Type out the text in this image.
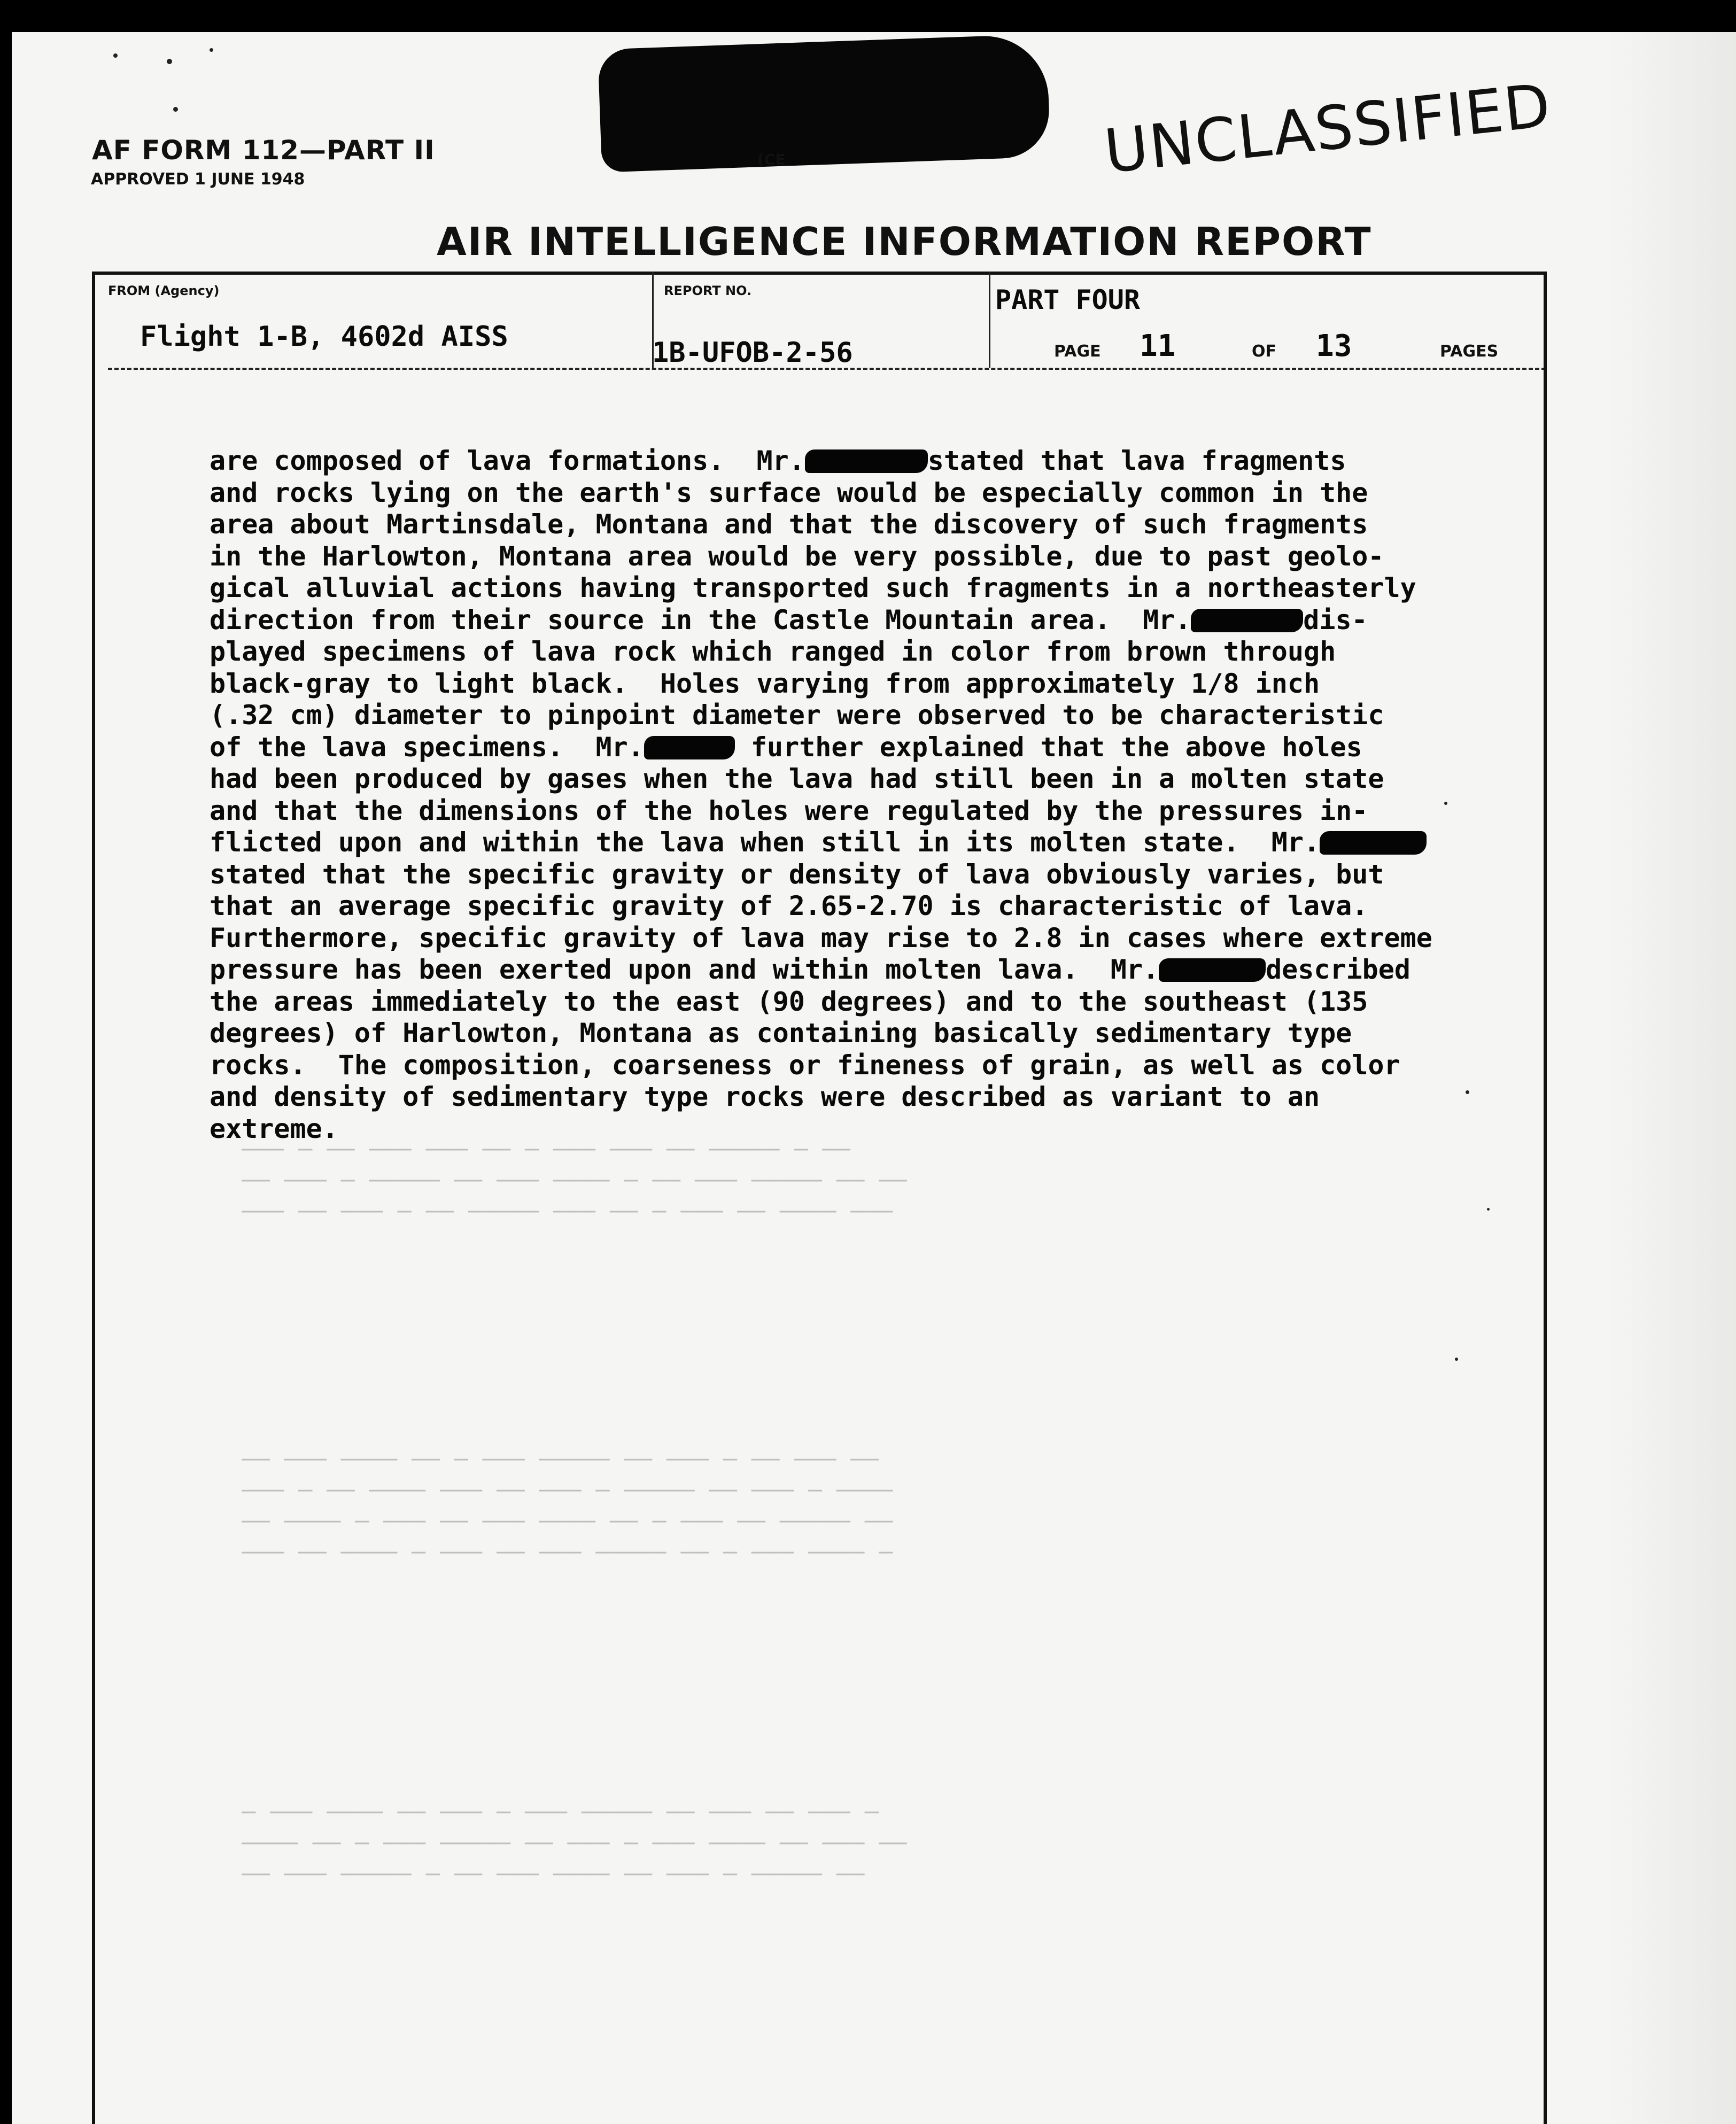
——— — —— ——— ——— —— — ——— ——— —— ————— — ——
—— ——— — ————— —— ——— ———— — —— ——— ————— —— ——
——— —— ——— — —— ————— ——— —— — ——— —— ———— ———
—— ——— ———— —— — ——— ————— —— ——— — —— ——— ——
——— — —— ———— ——— —— ——— — ————— —— ——— — ————
—— ———— — ——— —— ——— ———— —— — ——— —— ————— ——
——— —— ———— — ——— —— ——— ————— —— — ——— ———— —
— ——— ———— —— ——— — ——— ————— —— ——— —— ——— —
———— —— — ——— ————— —— ——— — ——— ———— —— ——— ——
—— ——— ————— — —— ——— ———— —— ——— — ————— ——
AF FORM 112—PART II
APPROVED 1 JUNE 1948
(CE	UNCLASSIFIED
AIR INTELLIGENCE INFORMATION REPORT
FROM (Agency)
Flight 1-B, 4602d AISS
REPORT NO.
1B-UFOB-2-56
PART FOUR
PAGE 11	OF 13	PAGES
are composed of lava formations.  Mr.	stated that lava fragments
and rocks lying on the earth's surface would be especially common in the
area about Martinsdale, Montana and that the discovery of such fragments
in the Harlowton, Montana area would be very possible, due to past geolo-
gical alluvial actions having transported such fragments in a northeasterly
direction from their source in the Castle Mountain area.  Mr.	dis-
played specimens of lava rock which ranged in color from brown through
black-gray to light black.  Holes varying from approximately 1/8 inch
(.32 cm) diameter to pinpoint diameter were observed to be characteristic
of the lava specimens.  Mr.	further explained that the above holes
had been produced by gases when the lava had still been in a molten state
and that the dimensions of the holes were regulated by the pressures in-
flicted upon and within the lava when still in its molten state.  Mr.
stated that the specific gravity or density of lava obviously varies, but
that an average specific gravity of 2.65-2.70 is characteristic of lava.
Furthermore, specific gravity of lava may rise to 2.8 in cases where extreme
pressure has been exerted upon and within molten lava.  Mr.	described
the areas immediately to the east (90 degrees) and to the southeast (135
degrees) of Harlowton, Montana as containing basically sedimentary type
rocks.  The composition, coarseness or fineness of grain, as well as color
and density of sedimentary type rocks were described as variant to an
extreme.
